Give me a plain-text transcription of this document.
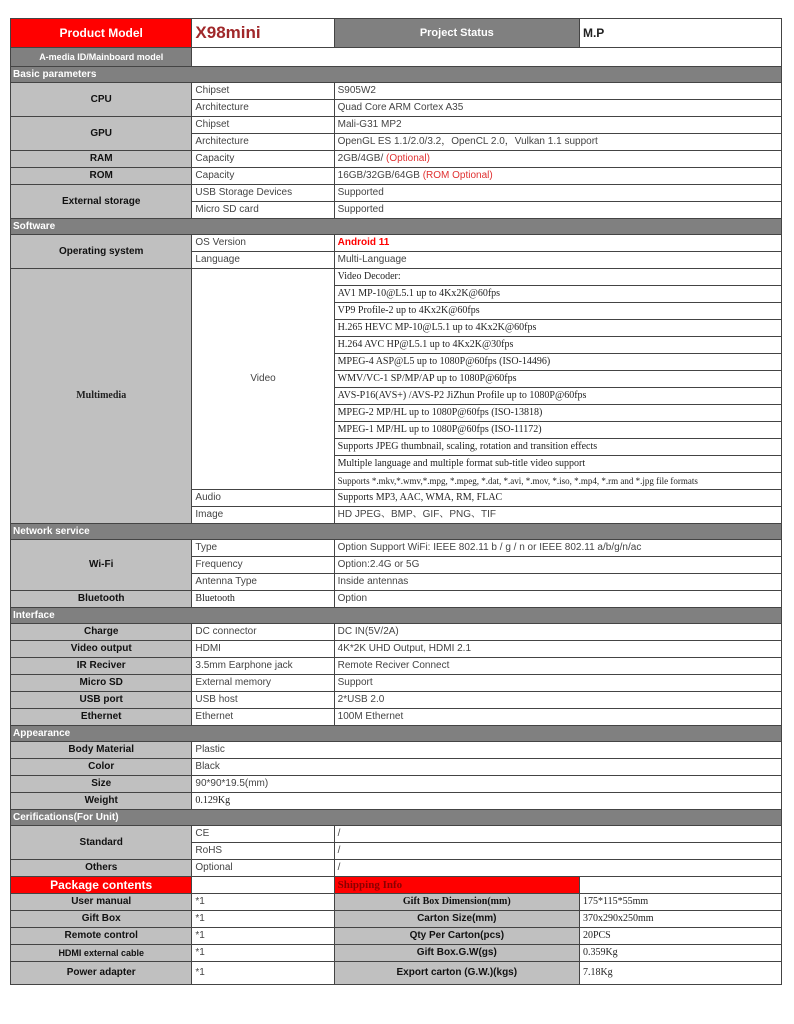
Product Model	X98mini	Project Status	M.P
A-media ID/Mainboard model			
Basic parameters			
CPU	Chipset	S905W2	
	Architecture	Quad Core ARM Cortex A35	
GPU	Chipset	Mali-G31 MP2	
	Architecture	OpenGL ES 1.1/2.0/3.2，OpenCL 2.0，Vulkan 1.1 support	
RAM	Capacity	2GB/4GB/ (Optional)	
ROM	Capacity	16GB/32GB/64GB (ROM Optional)	
External storage	USB Storage Devices	Supported	
	Micro SD card	Supported	
Software			
Operating system	OS Version	Android 11	
	Language	Multi-Language	
Multimedia	Video	Video Decoder:	
		AV1 MP-10@L5.1 up to 4Kx2K@60fps	
		VP9 Profile-2 up to 4Kx2K@60fps	
		H.265 HEVC MP-10@L5.1 up to 4Kx2K@60fps	
		H.264 AVC HP@L5.1 up to 4Kx2K@30fps	
		MPEG-4 ASP@L5 up to 1080P@60fps (ISO-14496)	
		WMV/VC-1 SP/MP/AP up to 1080P@60fps	
		AVS-P16(AVS+) /AVS-P2 JiZhun Profile up to 1080P@60fps	
		MPEG-2 MP/HL up to 1080P@60fps (ISO-13818)	
		MPEG-1 MP/HL up to 1080P@60fps (ISO-11172)	
		Supports JPEG thumbnail, scaling, rotation and transition effects	
		Multiple language and multiple format sub-title video support	
		Supports *.mkv,*.wmv,*.mpg, *.mpeg, *.dat, *.avi, *.mov, *.iso, *.mp4, *.rm and *.jpg file formats	
	Audio	Supports MP3, AAC, WMA, RM, FLAC	
	Image	HD JPEG、BMP、GIF、PNG、TIF	
Network service			
Wi-Fi	Type	Option Support WiFi: IEEE 802.11 b / g / n or IEEE 802.11 a/b/g/n/ac	
	Frequency	Option:2.4G or 5G	
	Antenna Type	Inside antennas	
Bluetooth	Bluetooth	Option	
Interface			
Charge	DC connector	DC IN(5V/2A)	
Video output	HDMI	4K*2K UHD Output, HDMI 2.1	
IR Reciver	3.5mm Earphone jack	Remote Reciver Connect	
Micro SD	External memory	Support	
USB port	USB host	2*USB 2.0	
Ethernet	Ethernet	100M Ethernet	
Appearance			
Body Material	Plastic		
Color	Black		
Size	90*90*19.5(mm)		
Weight	0.129Kg		
Cerifications(For Unit)			
Standard	CE	/	
	RoHS	/	
Others	Optional	/	
Package contents		Shipping Info	
User manual	*1	Gift Box Dimension(mm)	175*115*55mm
Gift Box	*1	Carton Size(mm)	370x290x250mm
Remote control	*1	Qty Per Carton(pcs)	20PCS
HDMI external cable	*1	Gift Box.G.W(gs)	0.359Kg
Power adapter	*1	Export carton (G.W.)(kgs)	7.18Kg
